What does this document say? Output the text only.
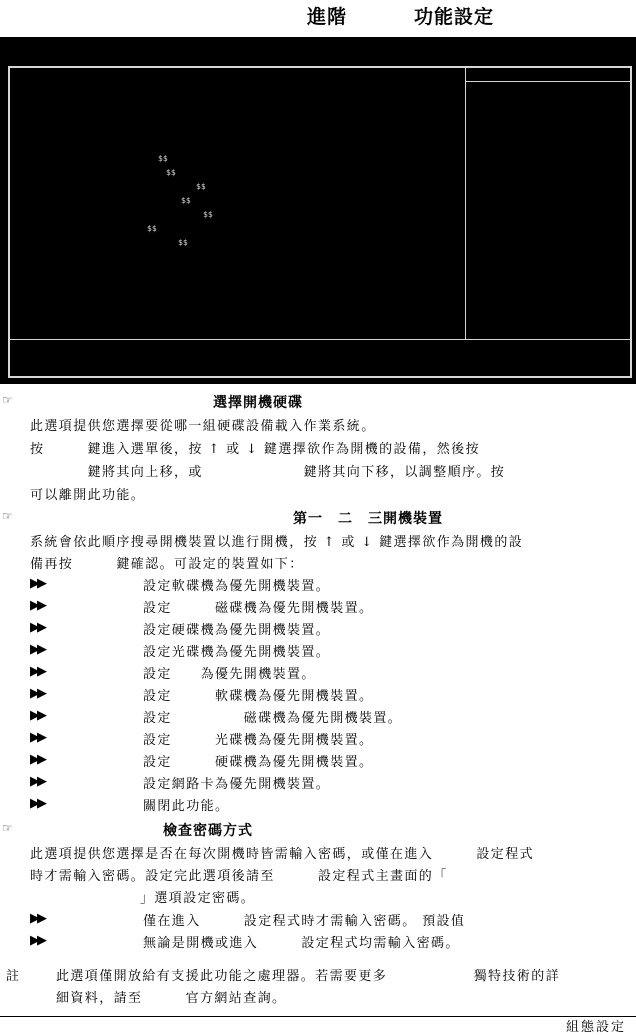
進階	功能設定
$$
$$
$$
$$
$$
$$
$$
☞	選擇開機硬碟
此選項提供您選擇要從哪一組硬碟設備載入作業系統。
按　　　鍵進入選單後，按 ↑ 或 ↓ 鍵選擇欲作為開機的設備，然後按
　　　　鍵將其向上移，或　　　　　　　鍵將其向下移，以調整順序。按
可以離開此功能。
☞	第一　二　三開機裝置
系統會依此順序搜尋開機裝置以進行開機，按 ↑ 或 ↓ 鍵選擇欲作為開機的設
備再按　　　鍵確認。可設定的裝置如下：
▶▶	設定軟碟機為優先開機裝置。
▶▶	設定　　　磁碟機為優先開機裝置。
▶▶	設定硬碟機為優先開機裝置。
▶▶	設定光碟機為優先開機裝置。
▶▶	設定　　為優先開機裝置。
▶▶	設定　　　軟碟機為優先開機裝置。
▶▶	設定　　　　　磁碟機為優先開機裝置。
▶▶	設定　　　光碟機為優先開機裝置。
▶▶	設定　　　硬碟機為優先開機裝置。
▶▶	設定網路卡為優先開機裝置。
▶▶	關閉此功能。
☞	檢查密碼方式
此選項提供您選擇是否在每次開機時皆需輸入密碼，或僅在進入　　　設定程式
時才需輸入密碼。設定完此選項後請至　　　設定程式主畫面的「
」選項設定密碼。
▶▶	僅在進入　　　設定程式時才需輸入密碼。 預設值
▶▶	無論是開機或進入　　　設定程式均需輸入密碼。
註	此選項僅開放給有支援此功能之處理器。若需要更多　　　　　　獨特技術的詳
細資料，請至　　　官方網站查詢。
組態設定
